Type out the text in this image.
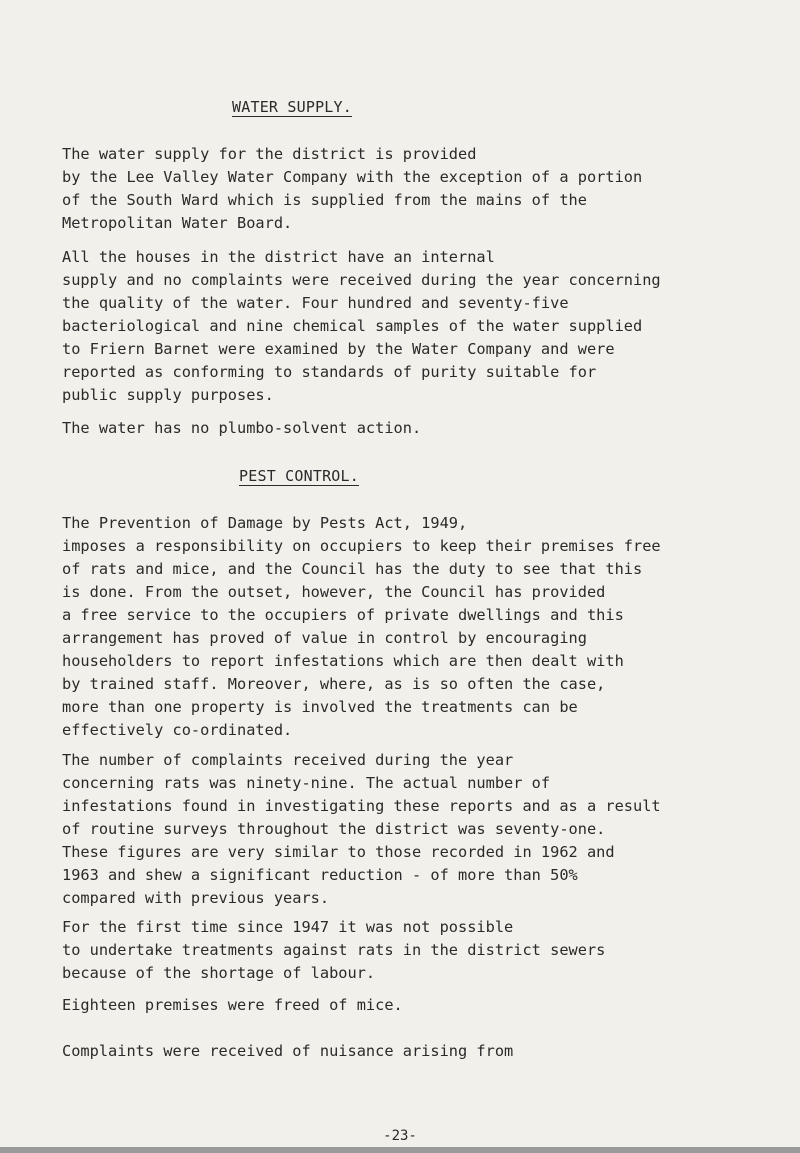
WATER SUPPLY.

The water supply for the district is provided
by the Lee Valley Water Company with the exception of a portion
of the South Ward which is supplied from the mains of the
Metropolitan Water Board.

All the houses in the district have an internal
supply and no complaints were received during the year concerning
the quality of the water. Four hundred and seventy-five
bacteriological and nine chemical samples of the water supplied
to Friern Barnet were examined by the Water Company and were
reported as conforming to standards of purity suitable for
public supply purposes.

The water has no plumbo-solvent action.

PEST CONTROL.

The Prevention of Damage by Pests Act, 1949,
imposes a responsibility on occupiers to keep their premises free
of rats and mice, and the Council has the duty to see that this
is done. From the outset, however, the Council has provided
a free service to the occupiers of private dwellings and this
arrangement has proved of value in control by encouraging
householders to report infestations which are then dealt with
by trained staff. Moreover, where, as is so often the case,
more than one property is involved the treatments can be
effectively co-ordinated.

The number of complaints received during the year
concerning rats was ninety-nine. The actual number of
infestations found in investigating these reports and as a result
of routine surveys throughout the district was seventy-one.
These figures are very similar to those recorded in 1962 and
1963 and shew a significant reduction - of more than 50%
compared with previous years.

For the first time since 1947 it was not possible
to undertake treatments against rats in the district sewers
because of the shortage of labour.

Eighteen premises were freed of mice.

Complaints were received of nuisance arising from

-23-
